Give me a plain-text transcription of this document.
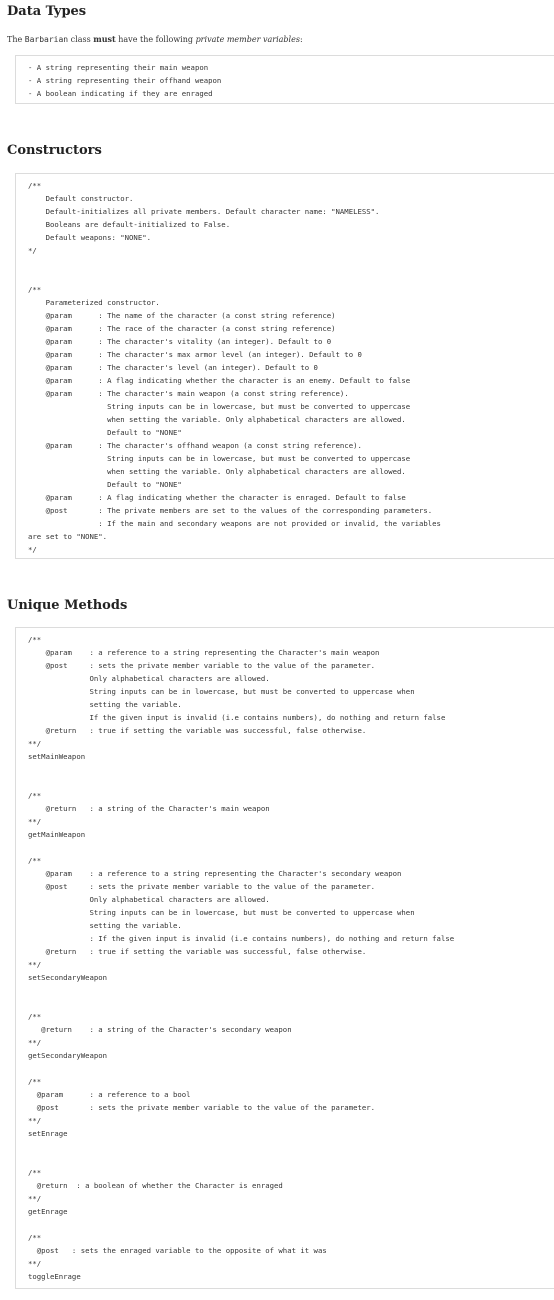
Data Types
The Barbarian class must have the following private member variables:
- A string representing their main weapon
- A string representing their offhand weapon
- A boolean indicating if they are enraged
Constructors
/**
Default constructor.
Default-initializes all private members. Default character name: "NAMELESS".
Booleans are default-initialized to False.
Default weapons: "NONE".
*/

/**
Parameterized constructor.
@param      : The name of the character (a const string reference)
@param      : The race of the character (a const string reference)
@param      : The character's vitality (an integer). Default to 0
@param      : The character's max armor level (an integer). Default to 0
@param      : The character's level (an integer). Default to 0
@param      : A flag indicating whether the character is an enemy. Default to false
@param      : The character's main weapon (a const string reference).
String inputs can be in lowercase, but must be converted to uppercase
when setting the variable. Only alphabetical characters are allowed.
Default to "NONE"
@param      : The character's offhand weapon (a const string reference).
String inputs can be in lowercase, but must be converted to uppercase
when setting the variable. Only alphabetical characters are allowed.
Default to "NONE"
@param      : A flag indicating whether the character is enraged. Default to false
@post       : The private members are set to the values of the corresponding parameters.
: If the main and secondary weapons are not provided or invalid, the variables
are set to "NONE".
*/
Unique Methods
/**
@param    : a reference to a string representing the Character's main weapon
@post     : sets the private member variable to the value of the parameter.
Only alphabetical characters are allowed.
String inputs can be in lowercase, but must be converted to uppercase when
setting the variable.
If the given input is invalid (i.e contains numbers), do nothing and return false
@return   : true if setting the variable was successful, false otherwise.
**/
setMainWeapon

/**
@return   : a string of the Character's main weapon
**/
getMainWeapon

/**
@param    : a reference to a string representing the Character's secondary weapon
@post     : sets the private member variable to the value of the parameter.
Only alphabetical characters are allowed.
String inputs can be in lowercase, but must be converted to uppercase when
setting the variable.
: If the given input is invalid (i.e contains numbers), do nothing and return false
@return   : true if setting the variable was successful, false otherwise.
**/
setSecondaryWeapon

/**
@return    : a string of the Character's secondary weapon
**/
getSecondaryWeapon

/**
@param      : a reference to a bool
@post       : sets the private member variable to the value of the parameter.
**/
setEnrage

/**
@return  : a boolean of whether the Character is enraged
**/
getEnrage

/**
@post   : sets the enraged variable to the opposite of what it was
**/
toggleEnrage
